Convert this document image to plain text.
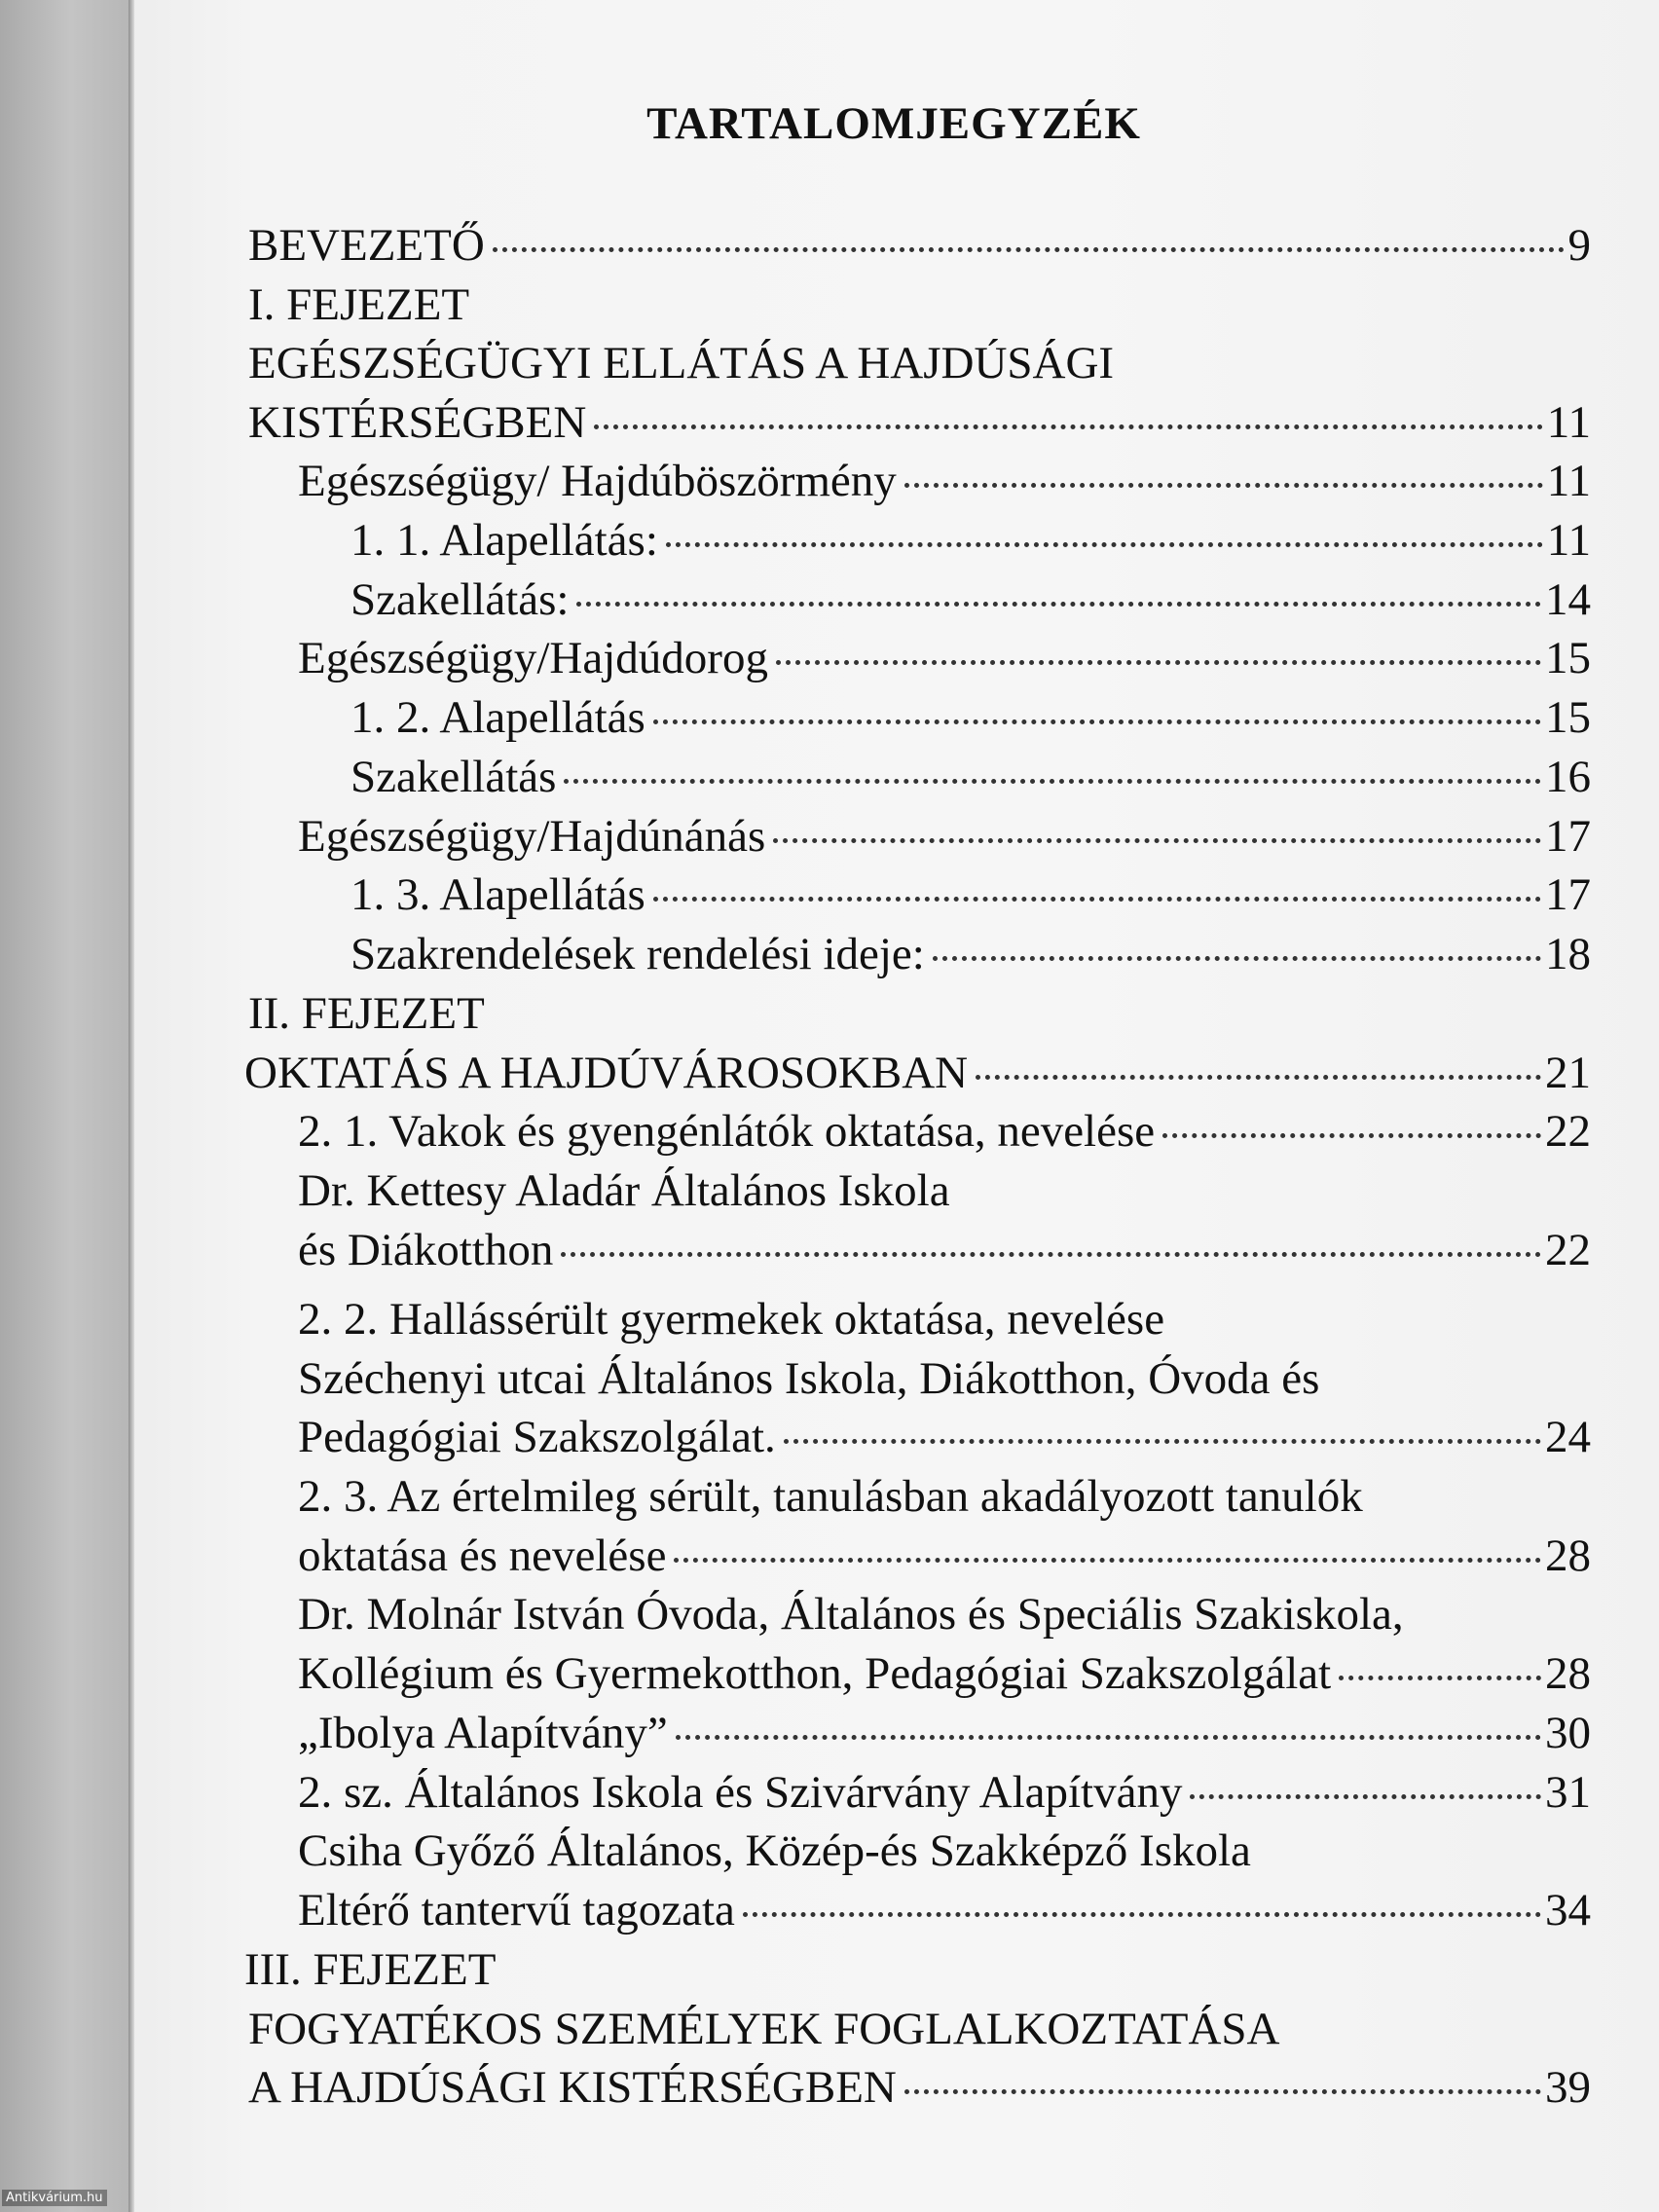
TARTALOMJEGYZÉK
BEVEZETŐ	9
I. FEJEZET
EGÉSZSÉGÜGYI ELLÁTÁS A HAJDÚSÁGI
KISTÉRSÉGBEN	11
Egészségügy/ Hajdúböszörmény	11
1. 1. Alapellátás:	11
Szakellátás:	14
Egészségügy/Hajdúdorog	15
1. 2. Alapellátás	15
Szakellátás	16
Egészségügy/Hajdúnánás	17
1. 3. Alapellátás	17
Szakrendelések rendelési ideje:	18
II. FEJEZET
OKTATÁS A HAJDÚVÁROSOKBAN	21
2. 1. Vakok és gyengénlátók oktatása, nevelése	22
Dr. Kettesy Aladár Általános Iskola
és Diákotthon	22
2. 2. Hallássérült gyermekek oktatása, nevelése
Széchenyi utcai Általános Iskola, Diákotthon, Óvoda és
Pedagógiai Szakszolgálat.	24
2. 3. Az értelmileg sérült, tanulásban akadályozott tanulók
oktatása és nevelése	28
Dr. Molnár István Óvoda, Általános és Speciális Szakiskola,
Kollégium és Gyermekotthon, Pedagógiai Szakszolgálat	28
„Ibolya Alapítvány”	30
2. sz. Általános Iskola és Szivárvány Alapítvány	31
Csiha Győző Általános, Közép-és Szakképző Iskola
Eltérő tantervű tagozata	34
III. FEJEZET
FOGYATÉKOS SZEMÉLYEK FOGLALKOZTATÁSA
A HAJDÚSÁGI KISTÉRSÉGBEN	39
Antikvárium.hu
